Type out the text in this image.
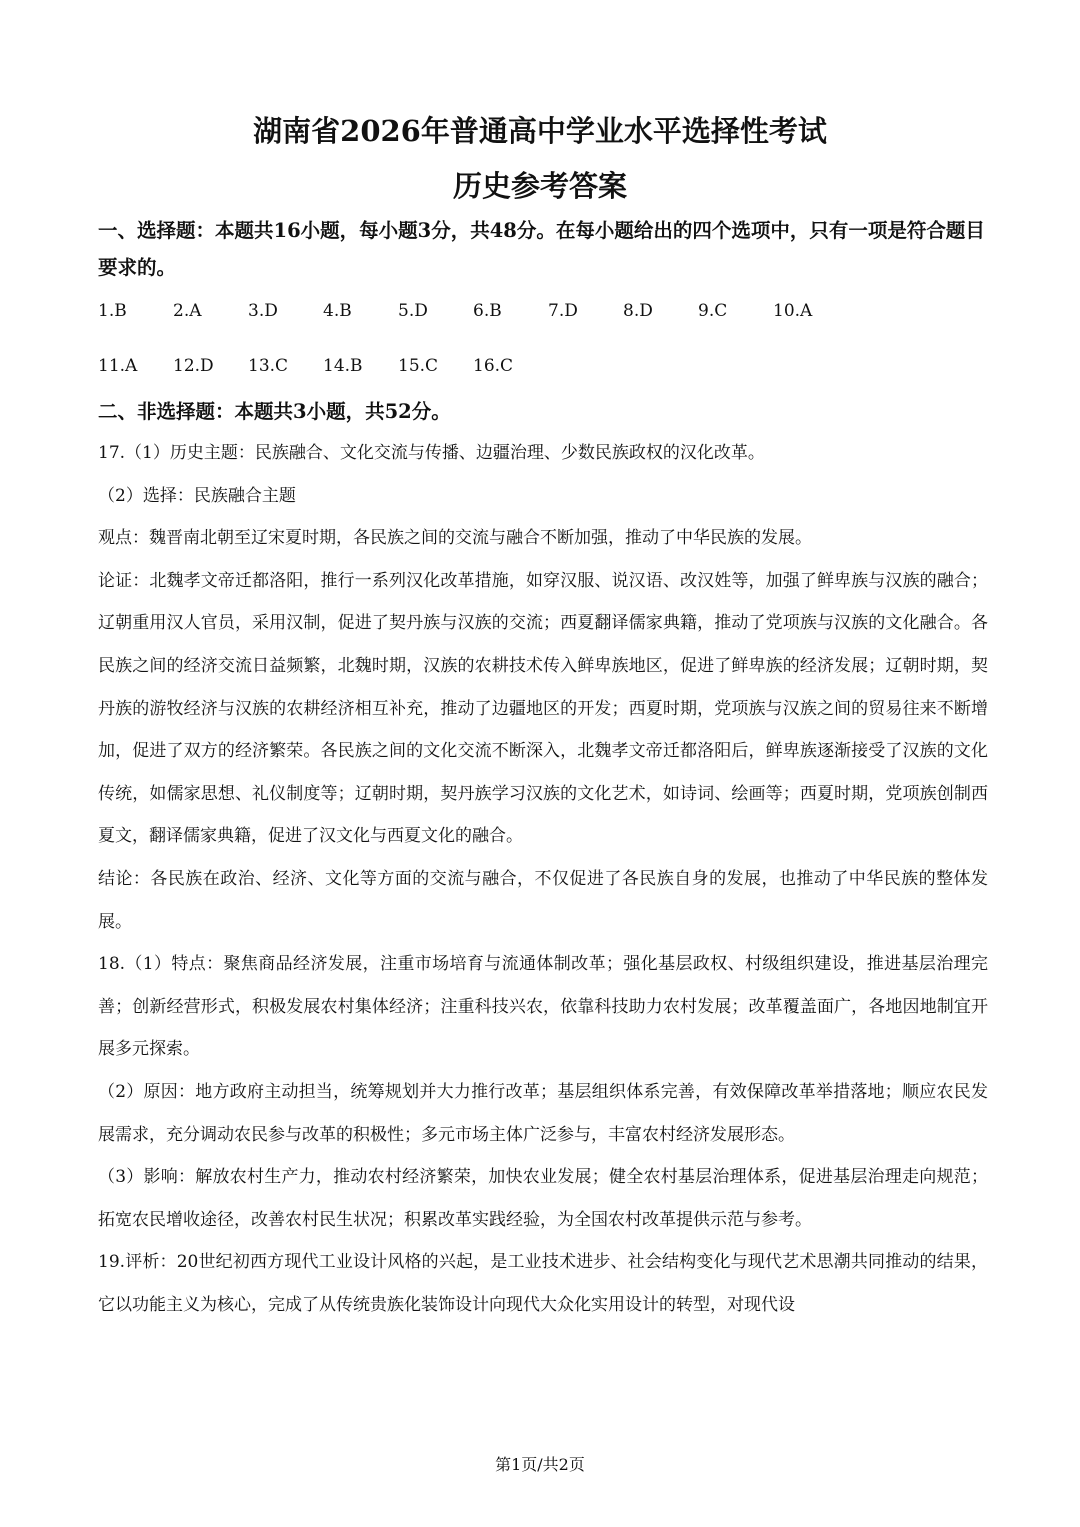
湖南省2026年普通高中学业水平选择性考试
历史参考答案

一、选择题：本题共16小题，每小题3分，共48分。在每小题给出的四个选项中，只有一项是符合题目要求的。

1.B	2.A	3.D	4.B	5.D	6.B	7.D	8.D	9.C	10.A
11.A 12.D 13.C 14.B 15.C 16.C

二、非选择题：本题共3小题，共52分。

17.（1）历史主题：民族融合、文化交流与传播、边疆治理、少数民族政权的汉化改革。

（2）选择：民族融合主题

观点：魏晋南北朝至辽宋夏时期，各民族之间的交流与融合不断加强，推动了中华民族的发展。

论证：北魏孝文帝迁都洛阳，推行一系列汉化改革措施，如穿汉服、说汉语、改汉姓等，加强了鲜卑族与汉族的融合；辽朝重用汉人官员，采用汉制，促进了契丹族与汉族的交流；西夏翻译儒家典籍，推动了党项族与汉族的文化融合。各民族之间的经济交流日益频繁，北魏时期，汉族的农耕技术传入鲜卑族地区，促进了鲜卑族的经济发展；辽朝时期，契丹族的游牧经济与汉族的农耕经济相互补充，推动了边疆地区的开发；西夏时期，党项族与汉族之间的贸易往来不断增加，促进了双方的经济繁荣。各民族之间的文化交流不断深入，北魏孝文帝迁都洛阳后，鲜卑族逐渐接受了汉族的文化传统，如儒家思想、礼仪制度等；辽朝时期，契丹族学习汉族的文化艺术，如诗词、绘画等；西夏时期，党项族创制西夏文，翻译儒家典籍，促进了汉文化与西夏文化的融合。

结论：各民族在政治、经济、文化等方面的交流与融合，不仅促进了各民族自身的发展，也推动了中华民族的整体发展。

18.（1）特点：聚焦商品经济发展，注重市场培育与流通体制改革；强化基层政权、村级组织建设，推进基层治理完善；创新经营形式，积极发展农村集体经济；注重科技兴农，依靠科技助力农村发展；改革覆盖面广，各地因地制宜开展多元探索。

（2）原因：地方政府主动担当，统筹规划并大力推行改革；基层组织体系完善，有效保障改革举措落地；顺应农民发展需求，充分调动农民参与改革的积极性；多元市场主体广泛参与，丰富农村经济发展形态。

（3）影响：解放农村生产力，推动农村经济繁荣，加快农业发展；健全农村基层治理体系，促进基层治理走向规范；拓宽农民增收途径，改善农村民生状况；积累改革实践经验，为全国农村改革提供示范与参考。

19.评析：20世纪初西方现代工业设计风格的兴起，是工业技术进步、社会结构变化与现代艺术思潮共同推动的结果，它以功能主义为核心，完成了从传统贵族化装饰设计向现代大众化实用设计的转型，对现代设

第1页/共2页
